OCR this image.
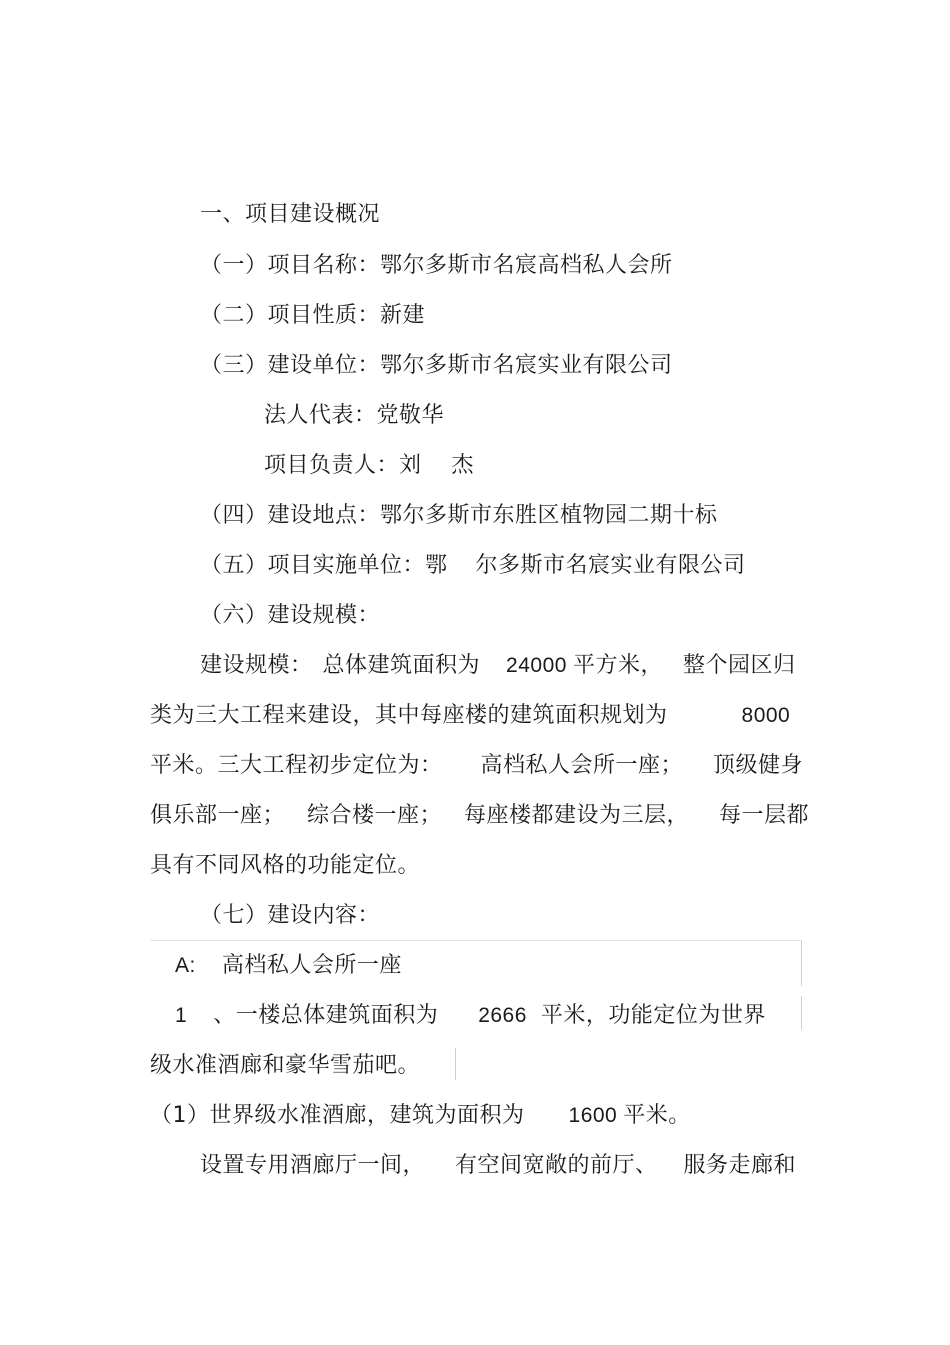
一、项目建设概况
（一）项目名称：鄂尔多斯市名宸高档私人会所
（二）项目性质：新建
（三）建设单位：鄂尔多斯市名宸实业有限公司
法人代表：党敬华
项目负责人：刘 杰
（四）建设地点：鄂尔多斯市东胜区植物园二期十标
（五）项目实施单位：鄂 尔多斯市名宸实业有限公司
（六）建设规模：
建设规模： 总体建筑面积为 24000 平方米， 整个园区归
类为三大工程来建设，其中每座楼的建筑面积规划为	8000
平米。三大工程初步定位为： 高档私人会所一座； 顶级健身
俱乐部一座； 综合楼一座； 每座楼都建设为三层， 每一层都
具有不同风格的功能定位。
（七）建设内容：
A: 高档私人会所一座
1 、一楼总体建筑面积为 2666 平米，功能定位为世界
级水准酒廊和豪华雪茄吧。
（1）世界级水准酒廊，建筑为面积为 1600 平米。
设置专用酒廊厅一间， 有空间宽敞的前厅、 服务走廊和
